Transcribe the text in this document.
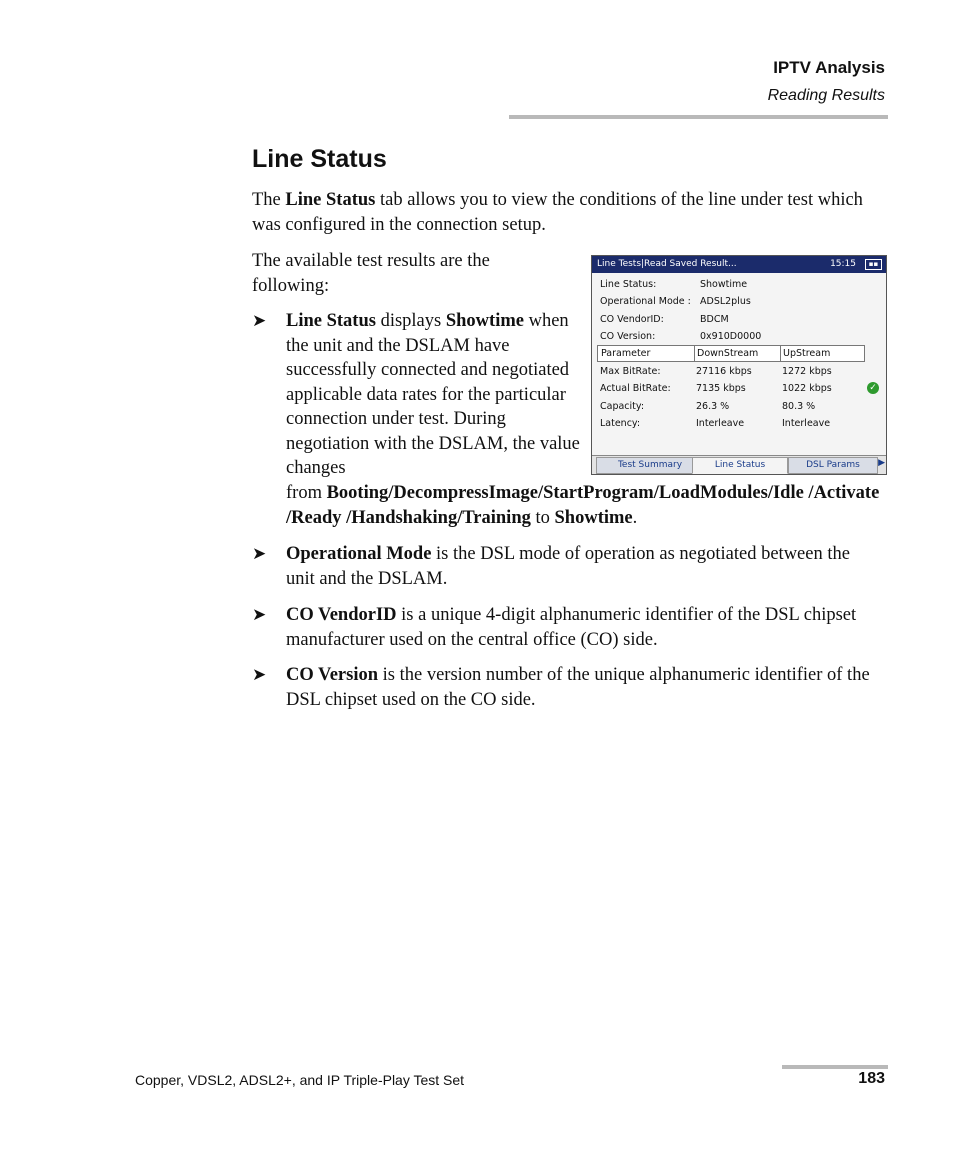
IPTV Analysis
Reading Results
Line Status

The Line Status tab allows you to view the conditions of the line under test which was configured in the connection setup.

The available test results are the following:

➤ Line Status displays Showtime when the unit and the DSLAM have successfully connected and negotiated applicable data rates for the particular connection under test. During negotiation with the DSLAM, the value changes
from Booting/DecompressImage/StartProgram/LoadModules/Idle /Activate /Ready /Handshaking/Training to Showtime.
➤ Operational Mode is the DSL mode of operation as negotiated between the unit and the DSLAM.
➤ CO VendorID is a unique 4-digit alphanumeric identifier of the DSL chipset manufacturer used on the central office (CO) side.
➤ CO Version is the version number of the unique alphanumeric identifier of the DSL chipset used on the CO side.
Line Tests|Read Saved Result...	15:15	▪▪
Line Status:	Showtime
Operational Mode : ADSL2plus
CO VendorID:	BDCM
CO Version:	0x910D0000
Parameter	DownStream	UpStream
Max BitRate:	27116 kbps	1272 kbps
Actual BitRate:	7135 kbps	1022 kbps
Capacity:	26.3 %	80.3 %
Latency:	Interleave	Interleave
✓
Test Summary	Line Status	DSL Params	▶
Copper, VDSL2, ADSL2+, and IP Triple-Play Test Set	183
